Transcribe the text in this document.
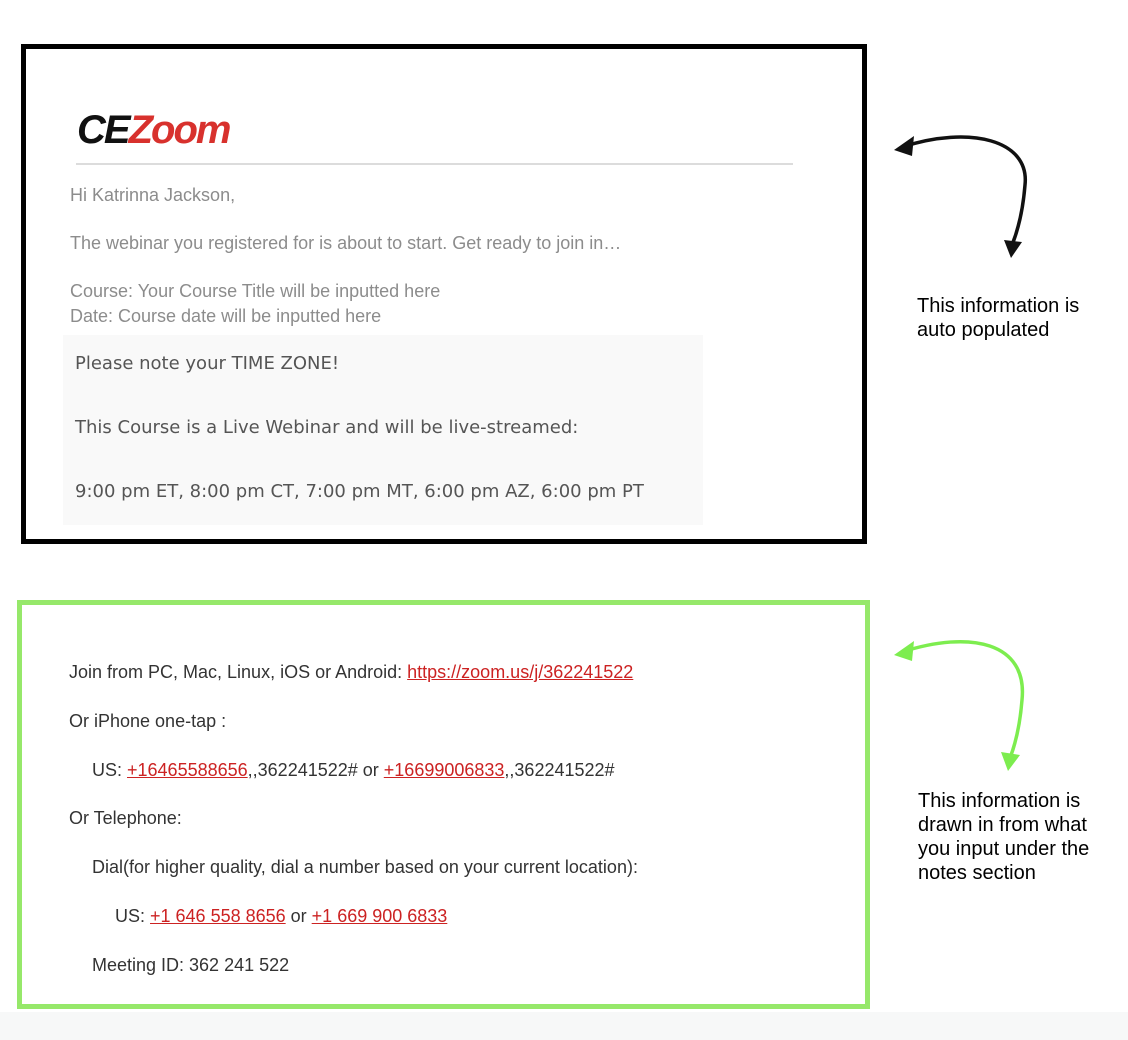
CEZoom
Hi Katrinna Jackson,
The webinar you registered for is about to start. Get ready to join in…
Course: Your Course Title will be inputted here
Date: Course date will be inputted here
Please note your TIME ZONE!
This Course is a Live Webinar and will be live-streamed:
9:00 pm ET, 8:00 pm CT, 7:00 pm MT, 6:00 pm AZ, 6:00 pm PT
Join from PC, Mac, Linux, iOS or Android: https://zoom.us/j/362241522
Or iPhone one-tap :
US: +16465588656,,362241522# or +16699006833,,362241522#
Or Telephone:
Dial(for higher quality, dial a number based on your current location):
US: +1 646 558 8656 or +1 669 900 6833
Meeting ID: 362 241 522
This information is auto populated
This information is drawn in from what you input under the notes section
